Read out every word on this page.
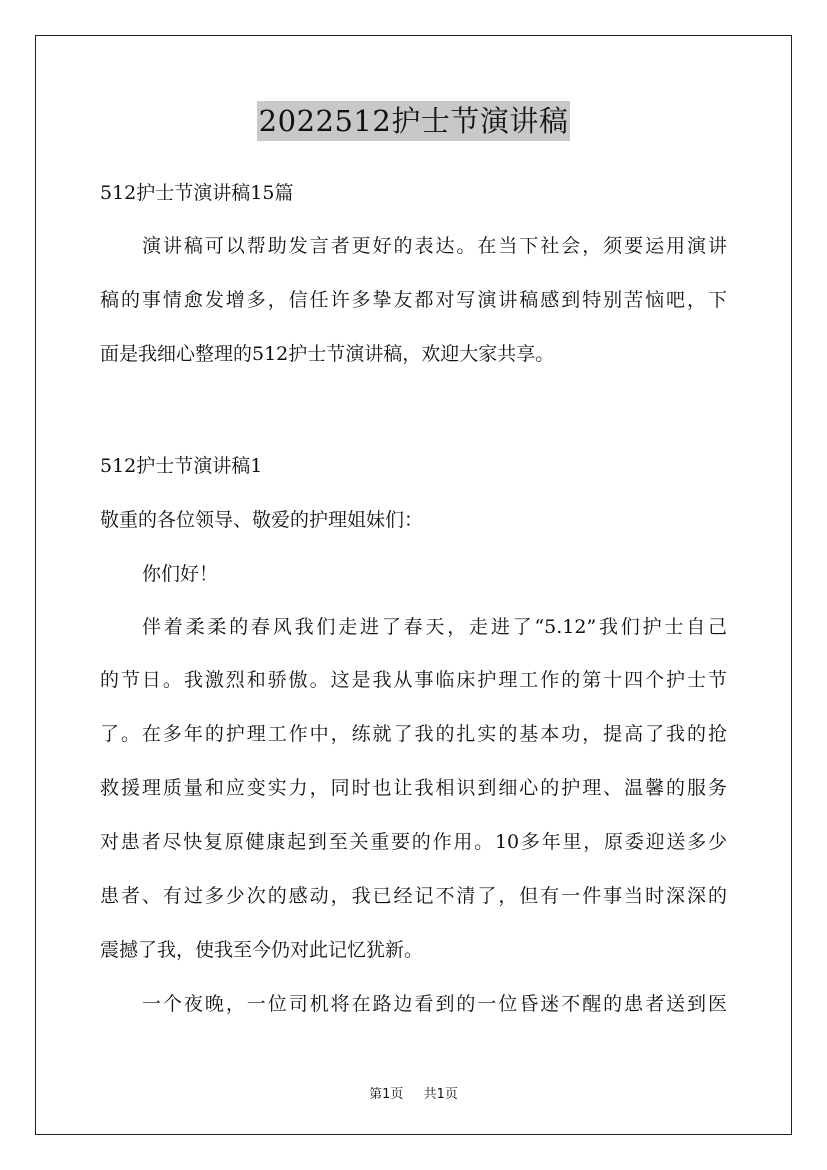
2022512护士节演讲稿
512护士节演讲稿15篇
演讲稿可以帮助发言者更好的表达。在当下社会，须要运用演讲
稿的事情愈发增多，信任许多挚友都对写演讲稿感到特别苦恼吧，下
面是我细心整理的512护士节演讲稿，欢迎大家共享。
512护士节演讲稿1
敬重的各位领导、敬爱的护理姐妹们：
你们好！
伴着柔柔的春风我们走进了春天，走进了“5.12”我们护士自己
的节日。我激烈和骄傲。这是我从事临床护理工作的第十四个护士节
了。在多年的护理工作中，练就了我的扎实的基本功，提高了我的抢
救援理质量和应变实力，同时也让我相识到细心的护理、温馨的服务
对患者尽快复原健康起到至关重要的作用。10多年里，原委迎送多少
患者、有过多少次的感动，我已经记不清了，但有一件事当时深深的
震撼了我，使我至今仍对此记忆犹新。
一个夜晚，一位司机将在路边看到的一位昏迷不醒的患者送到医
第1页 共1页
